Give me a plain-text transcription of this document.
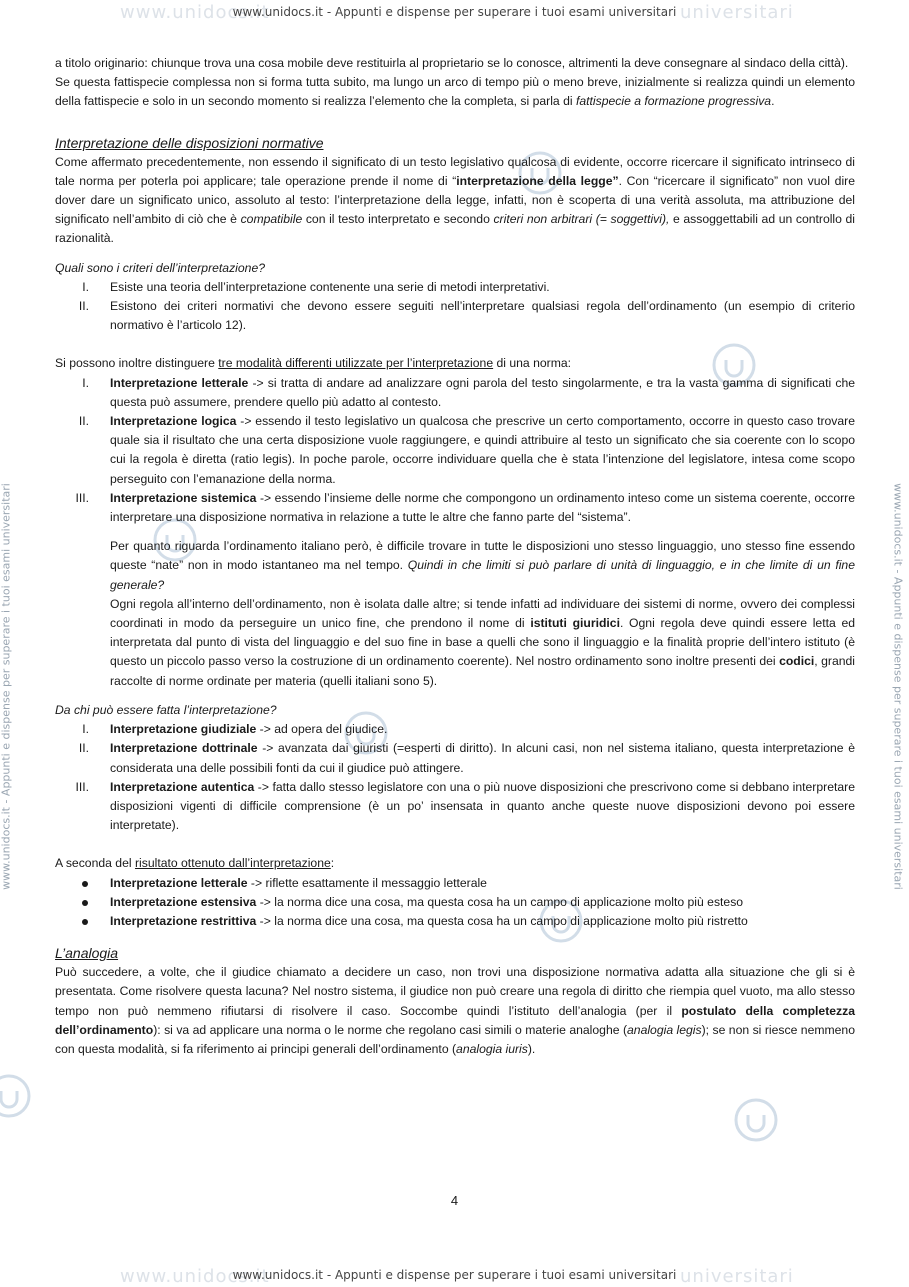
www.unidocs.it	universitari
www.unidocs.it - Appunti e dispense per superare i tuoi esami universitari
www.unidocs.it	universitari
www.unidocs.it - Appunti e dispense per superare i tuoi esami universitari
www.unidocs.it - Appunti e dispense per superare i tuoi esami universitari	www.unidocs.it - Appunti e dispense per superare i tuoi esami universitari

a titolo originario: chiunque trova una cosa mobile deve restituirla al proprietario se lo conosce, altrimenti la deve consegnare al sindaco della città).

Se questa fattispecie complessa non si forma tutta subito, ma lungo un arco di tempo più o meno breve, inizialmente si realizza quindi un elemento della fattispecie e solo in un secondo momento si realizza l’elemento che la completa, si parla di fattispecie a formazione progressiva.

Interpretazione delle disposizioni normative

Come affermato precedentemente, non essendo il significato di un testo legislativo qualcosa di evidente, occorre ricercare il significato intrinseco di tale norma per poterla poi applicare; tale operazione prende il nome di “interpretazione della legge”. Con “ricercare il significato” non vuol dire dover dare un significato unico, assoluto al testo: l’interpretazione della legge, infatti, non è scoperta di una verità assoluta, ma attribuzione del significato nell’ambito di ciò che è compatibile con il testo interpretato e secondo criteri non arbitrari (= soggettivi), e assoggettabili ad un controllo di razionalità.

Quali sono i criteri dell’interpretazione?

I. Esiste una teoria dell’interpretazione contenente una serie di metodi interpretativi.
II. Esistono dei criteri normativi che devono essere seguiti nell’interpretare qualsiasi regola dell’ordinamento (un esempio di criterio normativo è l’articolo 12).

Si possono inoltre distinguere tre modalità differenti utilizzate per l’interpretazione di una norma:

I. Interpretazione letterale -> si tratta di andare ad analizzare ogni parola del testo singolarmente, e tra la vasta gamma di significati che questa può assumere, prendere quello più adatto al contesto.
II. Interpretazione logica -> essendo il testo legislativo un qualcosa che prescrive un certo comportamento, occorre in questo caso trovare quale sia il risultato che una certa disposizione vuole raggiungere, e quindi attribuire al testo un significato che sia coerente con lo scopo cui la regola è diretta (ratio legis). In poche parole, occorre individuare quella che è stata l’intenzione del legislatore, intesa come scopo perseguito con l’emanazione della norma.
III. Interpretazione sistemica -> essendo l’insieme delle norme che compongono un ordinamento inteso come un sistema coerente, occorre interpretare una disposizione normativa in relazione a tutte le altre che fanno parte del “sistema”.

Per quanto riguarda l’ordinamento italiano però, è difficile trovare in tutte le disposizioni uno stesso linguaggio, uno stesso fine essendo queste “nate” non in modo istantaneo ma nel tempo. Quindi in che limiti si può parlare di unità di linguaggio, e in che limite di un fine generale?

Ogni regola all’interno dell’ordinamento, non è isolata dalle altre; si tende infatti ad individuare dei sistemi di norme, ovvero dei complessi coordinati in modo da perseguire un unico fine, che prendono il nome di istituti giuridici. Ogni regola deve quindi essere letta ed interpretata dal punto di vista del linguaggio e del suo fine in base a quelli che sono il linguaggio e la finalità proprie dell’intero istituto (è questo un piccolo passo verso la costruzione di un ordinamento coerente). Nel nostro ordinamento sono inoltre presenti dei codici, grandi raccolte di norme ordinate per materia (quelli italiani sono 5).

Da chi può essere fatta l’interpretazione?

I. Interpretazione giudiziale -> ad opera del giudice.
II. Interpretazione dottrinale -> avanzata dai giuristi (=esperti di diritto). In alcuni casi, non nel sistema italiano, questa interpretazione è considerata una delle possibili fonti da cui il giudice può attingere.
III. Interpretazione autentica -> fatta dallo stesso legislatore con una o più nuove disposizioni che prescrivono come si debbano interpretare disposizioni vigenti di difficile comprensione (è un po’ insensata in quanto anche queste nuove disposizioni devono poi essere interpretate).

A seconda del risultato ottenuto dall’interpretazione:

Interpretazione letterale -> riflette esattamente il messaggio letterale
Interpretazione estensiva -> la norma dice una cosa, ma questa cosa ha un campo di applicazione molto più esteso
Interpretazione restrittiva -> la norma dice una cosa, ma questa cosa ha un campo di applicazione molto più ristretto
L’analogia

Può succedere, a volte, che il giudice chiamato a decidere un caso, non trovi una disposizione normativa adatta alla situazione che gli si è presentata. Come risolvere questa lacuna? Nel nostro sistema, il giudice non può creare una regola di diritto che riempia quel vuoto, ma allo stesso tempo non può nemmeno rifiutarsi di risolvere il caso. Soccombe quindi l’istituto dell’analogia (per il postulato della completezza dell’ordinamento): si va ad applicare una norma o le norme che regolano casi simili o materie analoghe (analogia legis); se non si riesce nemmeno con questa modalità, si fa riferimento ai principi generali dell’ordinamento (analogia iuris).

4
